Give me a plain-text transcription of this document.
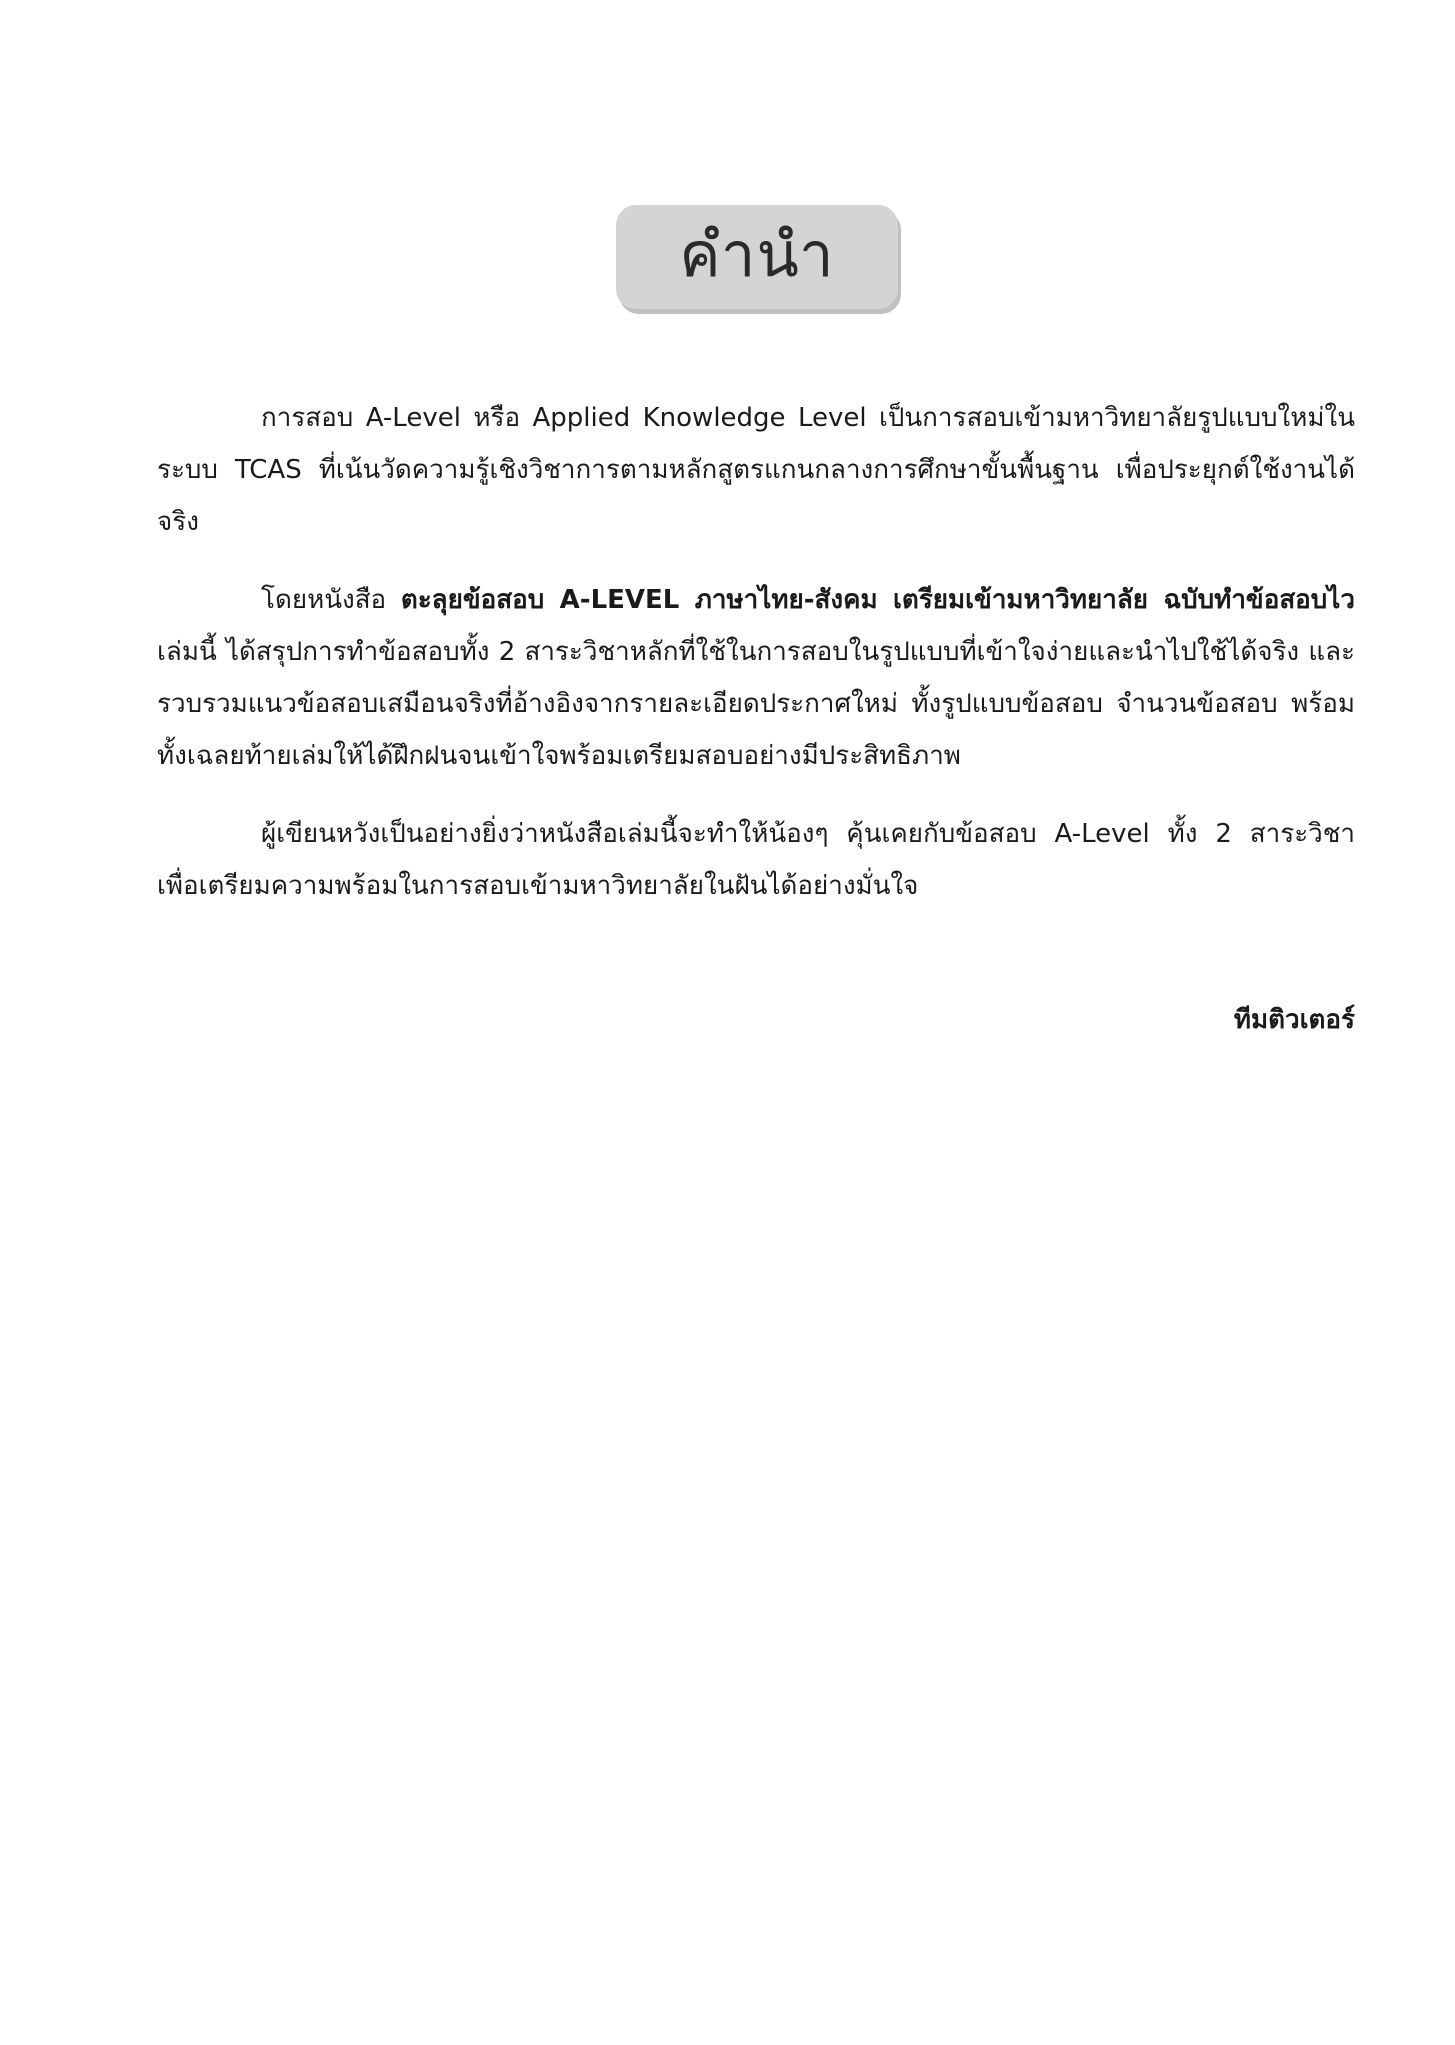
คำนำ

การสอบ A-Level หรือ Applied Knowledge Level เป็นการสอบเข้ามหาวิทยาลัยรูปแบบใหม่ในระบบ TCAS ที่เน้นวัดความรู้เชิงวิชาการตามหลักสูตรแกนกลางการศึกษาขั้นพื้นฐาน เพื่อประยุกต์ใช้งานได้จริง

โดยหนังสือ ตะลุยข้อสอบ A-LEVEL ภาษาไทย-สังคม เตรียมเข้ามหาวิทยาลัย ฉบับทำข้อสอบไว เล่มนี้ ได้สรุปการทำข้อสอบทั้ง 2 สาระวิชาหลักที่ใช้ในการสอบในรูปแบบที่เข้าใจง่ายและนำไปใช้ได้จริง และรวบรวมแนวข้อสอบเสมือนจริงที่อ้างอิงจากรายละเอียดประกาศใหม่ ทั้งรูปแบบข้อสอบ จำนวนข้อสอบ พร้อมทั้งเฉลยท้ายเล่มให้ได้ฝึกฝนจนเข้าใจพร้อมเตรียมสอบอย่างมีประสิทธิภาพ

ผู้เขียนหวังเป็นอย่างยิ่งว่าหนังสือเล่มนี้จะทำให้น้องๆ คุ้นเคยกับข้อสอบ A-Level ทั้ง 2 สาระวิชา เพื่อเตรียมความพร้อมในการสอบเข้ามหาวิทยาลัยในฝันได้อย่างมั่นใจ

ทีมติวเตอร์
